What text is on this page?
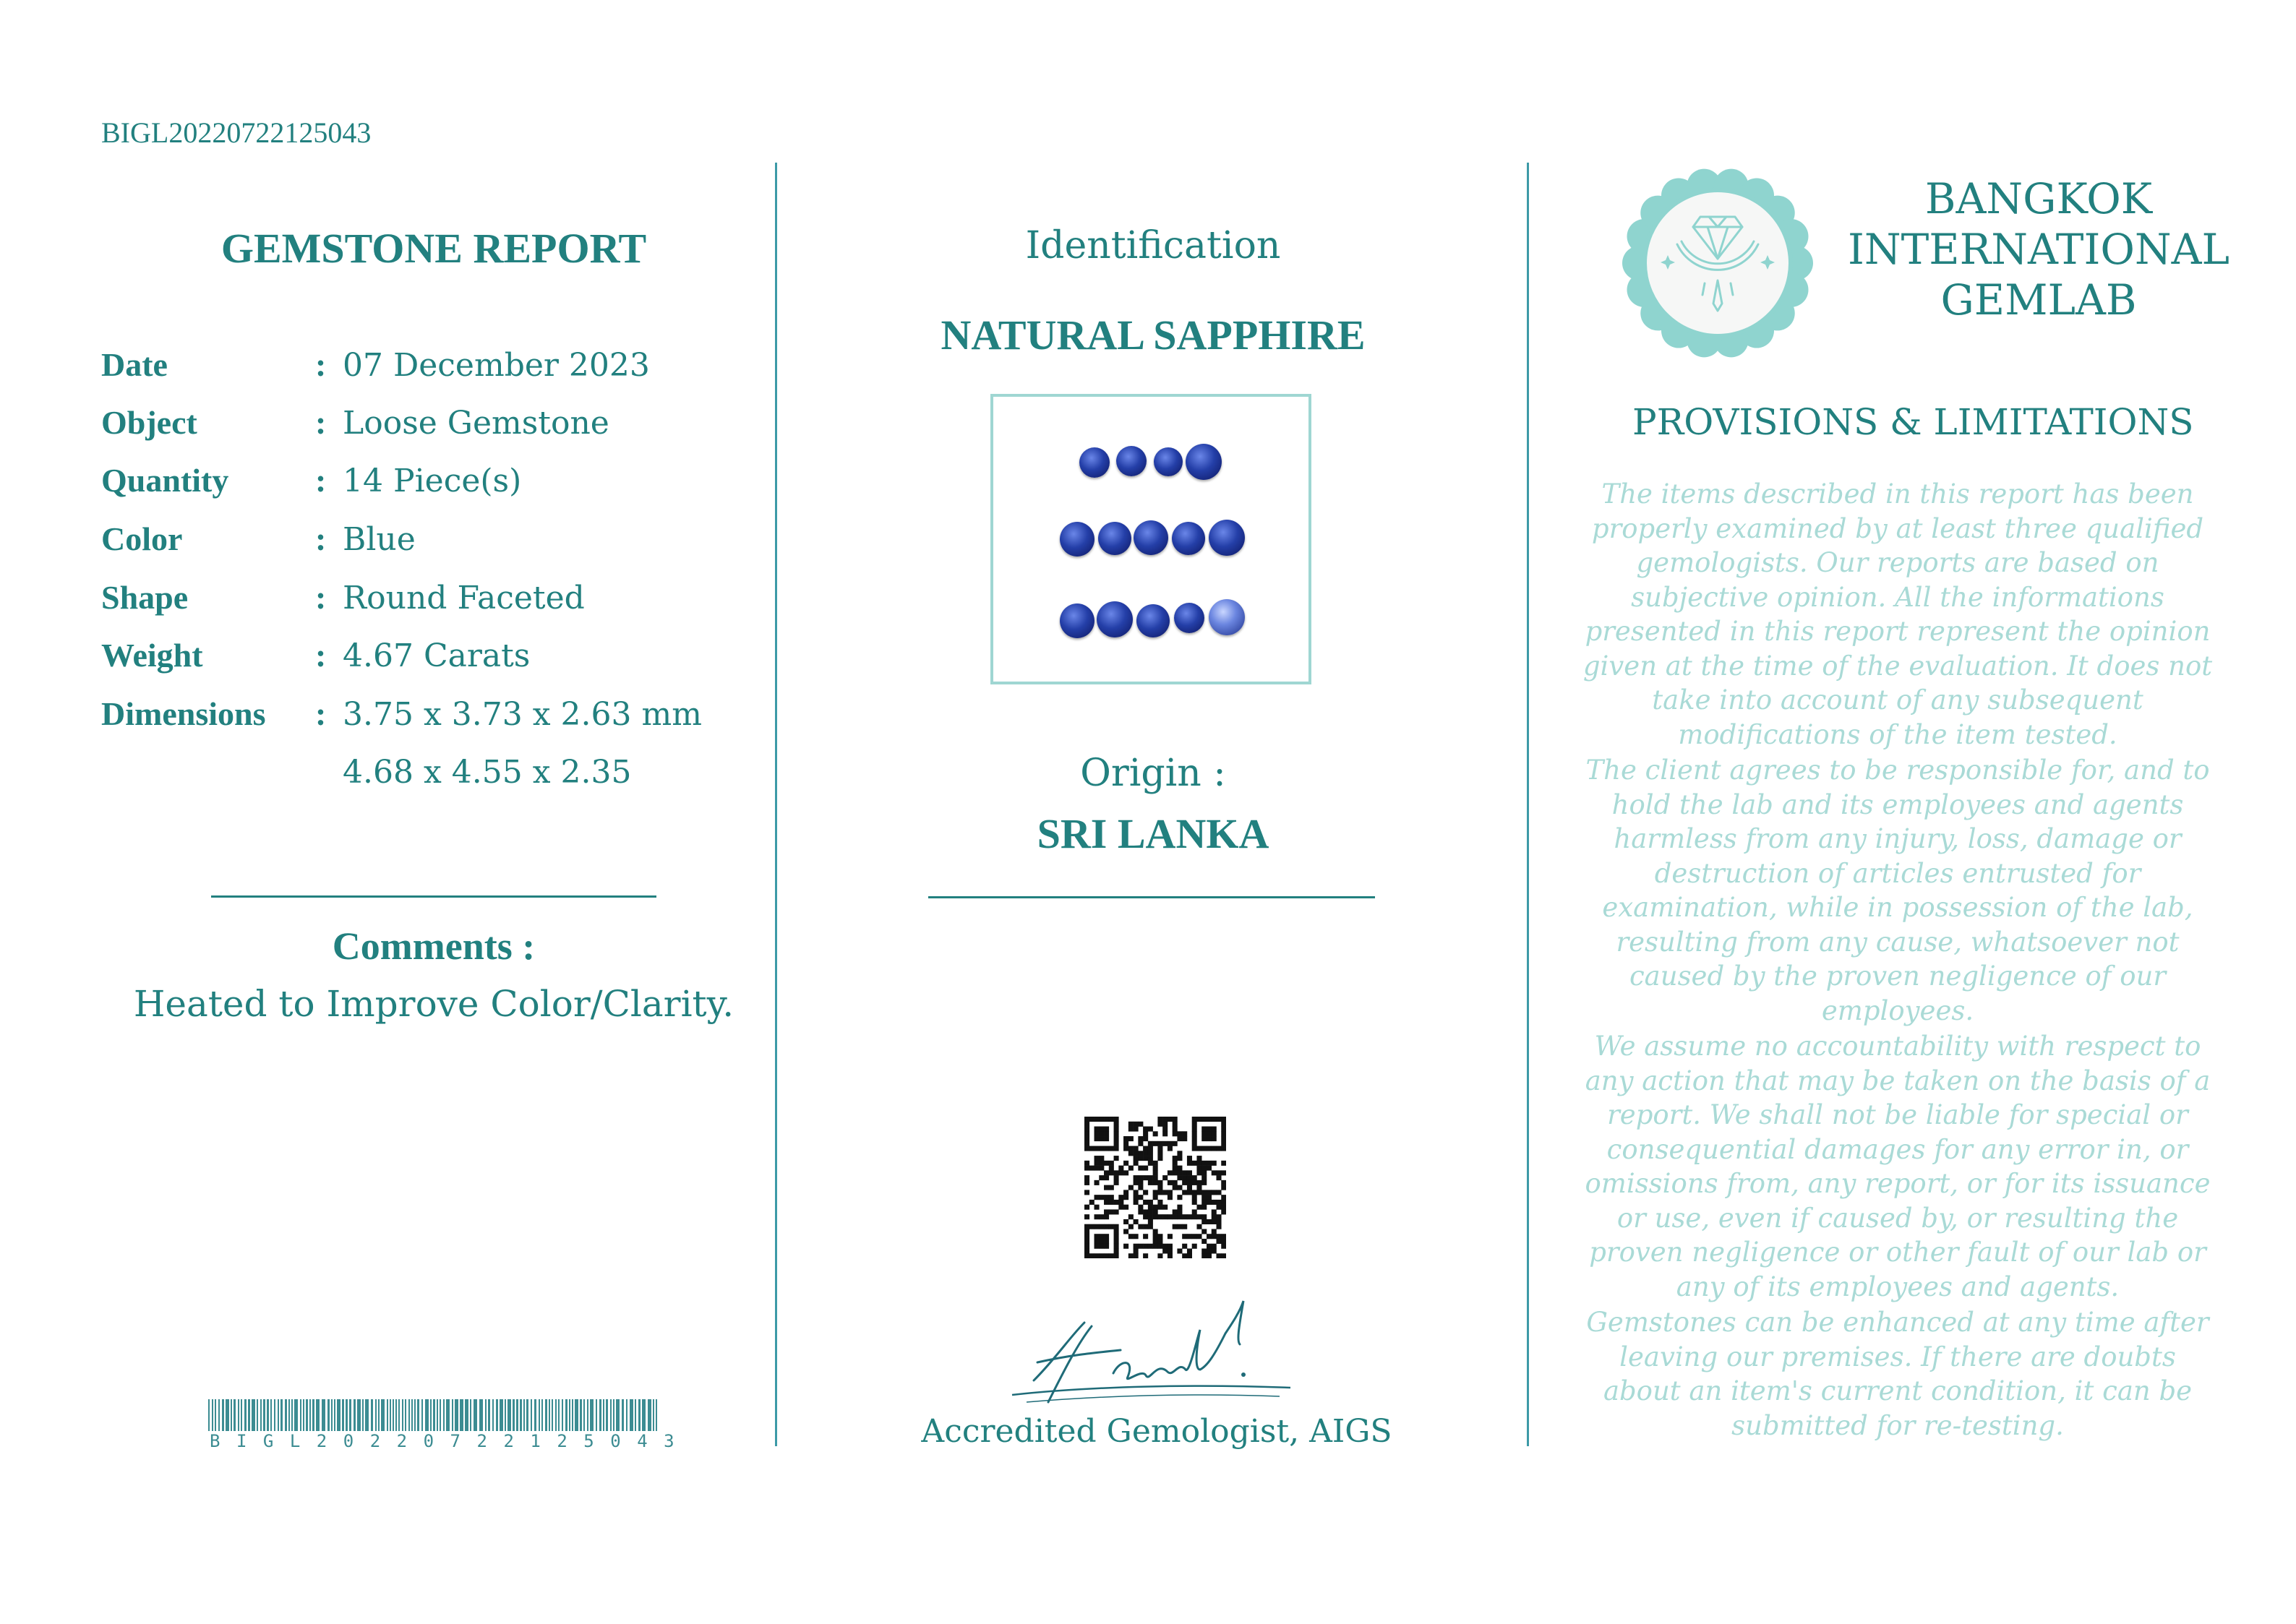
BIGL20220722125043
GEMSTONE REPORT
Date	: 07 December 2023
Object	: Loose Gemstone
Quantity	: 14 Piece(s)
Color	: Blue
Shape	: Round Faceted
Weight	: 4.67 Carats
Dimensions : 3.75 x 3.73 x 2.63 mm
4.68 x 4.55 x 2.35
Comments :
Heated to Improve Color/Clarity.
BIGL20220722125043
Identification
NATURAL SAPPHIRE
Origin :
SRI LANKA
Hashim A.
Accredited Gemologist, AIGS
BANGKOK
INTERNATIONAL
GEMLAB
PROVISIONS & LIMITATIONS
The items described in this report has been properly examined by at least three qualified gemologists. Our reports are based on subjective opinion. All the informations presented in this report represent the opinion given at the time of the evaluation. It does not take into account of any subsequent modifications of the item tested.
The client agrees to be responsible for, and to hold the lab and its employees and agents harmless from any injury, loss, damage or destruction of articles entrusted for examination, while in possession of the lab, resulting from any cause, whatsoever not caused by the proven negligence of our employees.
We assume no accountability with respect to any action that may be taken on the basis of a report. We shall not be liable for special or consequential damages for any error in, or omissions from, any report, or for its issuance or use, even if caused by, or resulting the proven negligence or other fault of our lab or any of its employees and agents.
Gemstones can be enhanced at any time after leaving our premises. If there are doubts about an item's current condition, it can be submitted for re-testing.
